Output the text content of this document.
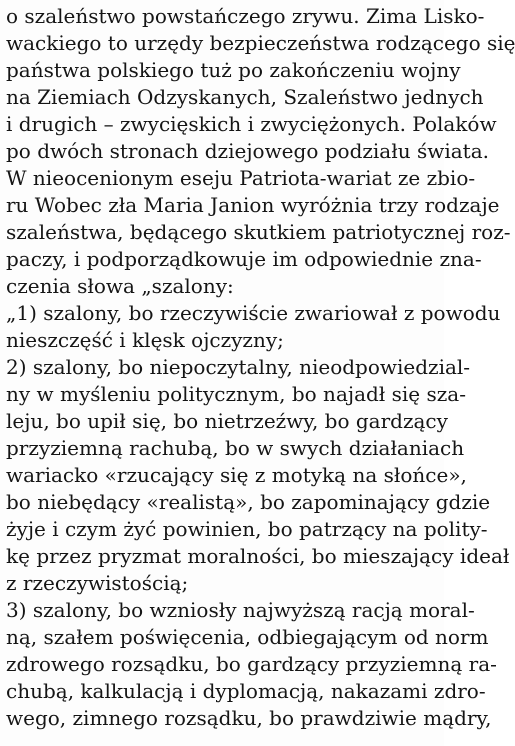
o szaleństwo powstańczego zrywu. Zima Lisko-
wackiego to urzędy bezpieczeństwa rodzącego się
państwa polskiego tuż po zakończeniu wojny
na Ziemiach Odzyskanych, Szaleństwo jednych
i drugich – zwycięskich i zwyciężonych. Polaków
po dwóch stronach dziejowego podziału świata.
W nieocenionym eseju Patriota-wariat ze zbio-
ru Wobec zła Maria Janion wyróżnia trzy rodzaje
szaleństwa, będącego skutkiem patriotycznej roz-
paczy, i podporządkowuje im odpowiednie zna-
czenia słowa „szalony:
„1) szalony, bo rzeczywiście zwariował z powodu
nieszczęść i klęsk ojczyzny;
2) szalony, bo niepoczytalny, nieodpowiedzial-
ny w myśleniu politycznym, bo najadł się sza-
leju, bo upił się, bo nietrzeźwy, bo gardzący
przyziemną rachubą, bo w swych działaniach
wariacko «rzucający się z motyką na słońce»,
bo niebędący «realistą», bo zapominający gdzie
żyje i czym żyć powinien, bo patrzący na polity-
kę przez pryzmat moralności, bo mieszający ideał
z rzeczywistością;
3) szalony, bo wzniosły najwyższą racją moral-
ną, szałem poświęcenia, odbiegającym od norm
zdrowego rozsądku, bo gardzący przyziemną ra-
chubą, kalkulacją i dyplomacją, nakazami zdro-
wego, zimnego rozsądku, bo prawdziwie mądry,
